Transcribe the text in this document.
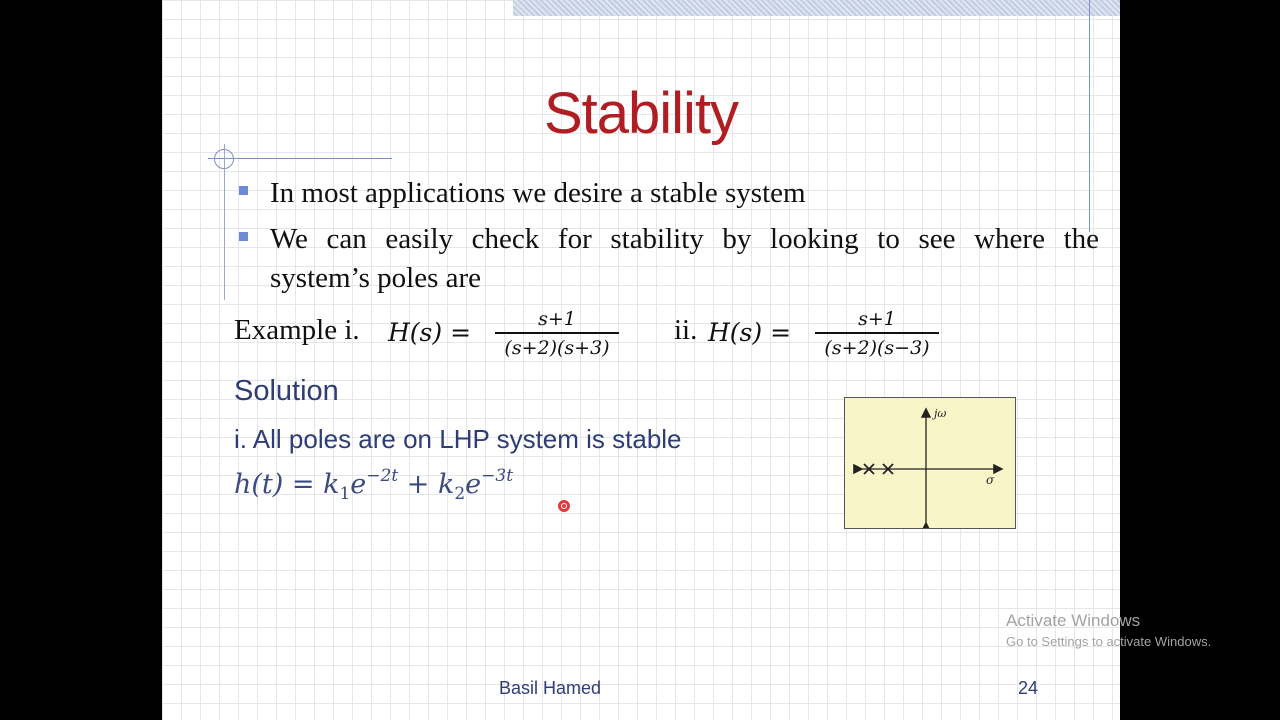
Stability
In most applications we desire a stable system
We can easily check for stability by looking to see where the
system’s poles are
Example i. H(s) =	s+1
(s+2)(s+3)
ii. H(s) =	s+1
(s+2)(s−3)
Solution
i. All poles are on LHP system is stable
$h(t) = k_1e^{-2t} + k_2e^{-3t}$
jω
σ
Basil Hamed	24
Activate Windows
Go to Settings to activate Windows.
